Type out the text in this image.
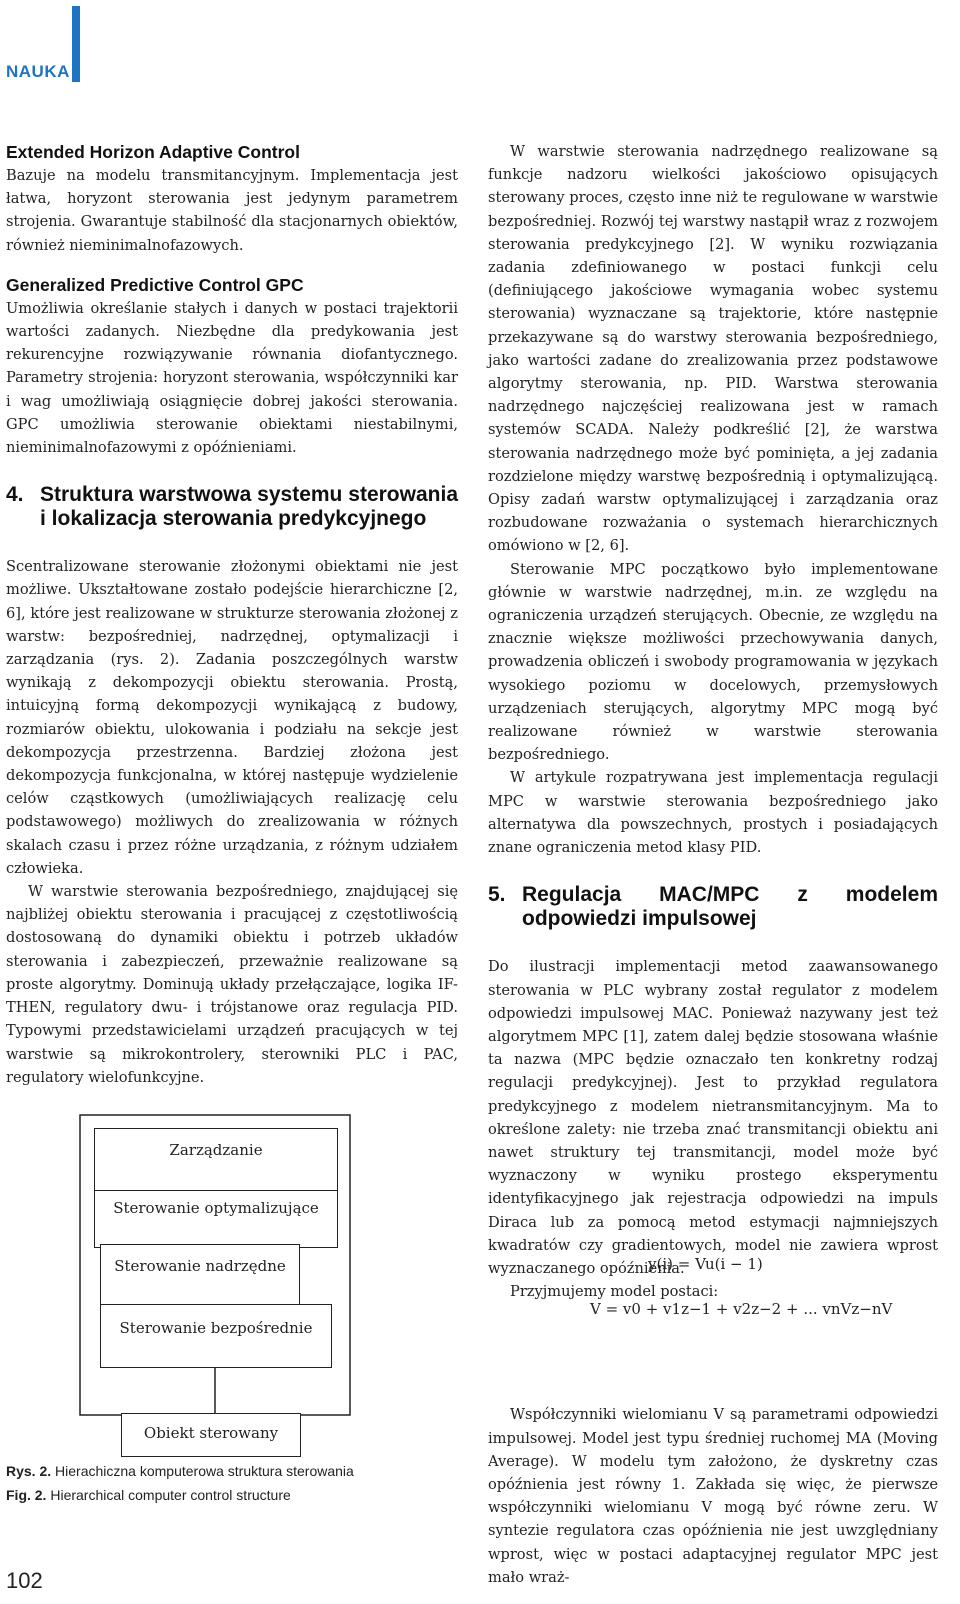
NAUKA
Extended Horizon Adaptive Control

Bazuje na modelu transmitancyjnym. Implementacja jest łatwa, horyzont sterowania jest jedynym parametrem strojenia. Gwarantuje stabilność dla stacjonarnych obiektów, również nieminimalnofazowych.

Generalized Predictive Control GPC

Umożliwia określanie stałych i danych w postaci trajektorii wartości zadanych. Niezbędne dla predykowania jest rekurencyjne rozwiązywanie równania diofantycznego. Parametry strojenia: horyzont sterowania, współczynniki kar i wag umożliwiają osiągnięcie dobrej jakości sterowania. GPC umożliwia sterowanie obiektami niestabilnymi, nieminimalnofazowymi z opóźnieniami.

4. Struktura warstwowa systemu sterowania i lokalizacja sterowania predykcyjnego

Scentralizowane sterowanie złożonymi obiektami nie jest możliwe. Ukształtowane zostało podejście hierarchiczne [2, 6], które jest realizowane w strukturze sterowania złożonej z warstw: bezpośredniej, nadrzędnej, optymalizacji i zarządzania (rys. 2). Zadania poszczególnych warstw wynikają z dekompozycji obiektu sterowania. Prostą, intuicyjną formą dekompozycji wynikającą z budowy, rozmiarów obiektu, ulokowania i podziału na sekcje jest dekompozycja przestrzenna. Bardziej złożona jest dekompozycja funkcjonalna, w której następuje wydzielenie celów cząstkowych (umożliwiających realizację celu podstawowego) możliwych do zrealizowania w różnych skalach czasu i przez różne urządzania, z różnym udziałem człowieka.

W warstwie sterowania bezpośredniego, znajdującej się najbliżej obiektu sterowania i pracującej z częstotliwością dostosowaną do dynamiki obiektu i potrzeb układów sterowania i zabezpieczeń, przeważnie realizowane są proste algorytmy. Dominują układy przełączające, logika IF-THEN, regulatory dwu- i trójstanowe oraz regulacja PID. Typowymi przedstawicielami urządzeń pracujących w tej warstwie są mikrokontrolery, sterowniki PLC i PAC, regulatory wielofunkcyjne.

Zarządzanie
Sterowanie optymalizujące
Sterowanie nadrzędne
Sterowanie bezpośrednie
Obiekt sterowany
Rys. 2. Hierachiczna komputerowa struktura sterowania
Fig. 2. Hierarchical computer control structure

W warstwie sterowania nadrzędnego realizowane są funkcje nadzoru wielkości jakościowo opisujących sterowany proces, często inne niż te regulowane w warstwie bezpośredniej. Rozwój tej warstwy nastąpił wraz z rozwojem sterowania predykcyjnego [2]. W wyniku rozwiązania zadania zdefiniowanego w postaci funkcji celu (definiującego jakościowe wymagania wobec systemu sterowania) wyznaczane są trajektorie, które następnie przekazywane są do warstwy sterowania bezpośredniego, jako wartości zadane do zrealizowania przez podstawowe algorytmy sterowania, np. PID. Warstwa sterowania nadrzędnego najczęściej realizowana jest w ramach systemów SCADA. Należy podkreślić [2], że warstwa sterowania nadrzędnego może być pominięta, a jej zadania rozdzielone między warstwę bezpośrednią i optymalizującą. Opisy zadań warstw optymalizującej i zarządzania oraz rozbudowane rozważania o systemach hierarchicznych omówiono w [2, 6].

Sterowanie MPC początkowo było implementowane głównie w warstwie nadrzędnej, m.in. ze względu na ograniczenia urządzeń sterujących. Obecnie, ze względu na znacznie większe możliwości przechowywania danych, prowadzenia obliczeń i swobody programowania w językach wysokiego poziomu w docelowych, przemysłowych urządzeniach sterujących, algorytmy MPC mogą być realizowane również w warstwie sterowania bezpośredniego.

W artykule rozpatrywana jest implementacja regulacji MPC w warstwie sterowania bezpośredniego jako alternatywa dla powszechnych, prostych i posiadających znane ograniczenia metod klasy PID.

5. Regulacja MAC/MPC z modelem odpowiedzi impulsowej

Do ilustracji implementacji metod zaawansowanego sterowania w PLC wybrany został regulator z modelem odpowiedzi impulsowej MAC. Ponieważ nazywany jest też algorytmem MPC [1], zatem dalej będzie stosowana właśnie ta nazwa (MPC będzie oznaczało ten konkretny rodzaj regulacji predykcyjnej). Jest to przykład regulatora predykcyjnego z modelem nietransmitancyjnym. Ma to określone zalety: nie trzeba znać transmitancji obiektu ani nawet struktury tej transmitancji, model może być wyznaczony w wyniku prostego eksperymentu identyfikacyjnego jak rejestracja odpowiedzi na impuls Diraca lub za pomocą metod estymacji najmniejszych kwadratów czy gradientowych, model nie zawiera wprost wyznaczanego opóźnienia.

Przyjmujemy model postaci:

Współczynniki wielomianu V są parametrami odpowiedzi impulsowej. Model jest typu średniej ruchomej MA (Moving Average). W modelu tym założono, że dyskretny czas opóźnienia jest równy 1. Zakłada się więc, że pierwsze współczynniki wielomianu V mogą być równe zeru. W syntezie regulatora czas opóźnienia nie jest uwzględniany wprost, więc w postaci adaptacyjnej regulator MPC jest mało wraż-

y(i) = Vu(i − 1)
V = v0 + v1z−1 + v2z−2 + ... vnVz−nV
102
